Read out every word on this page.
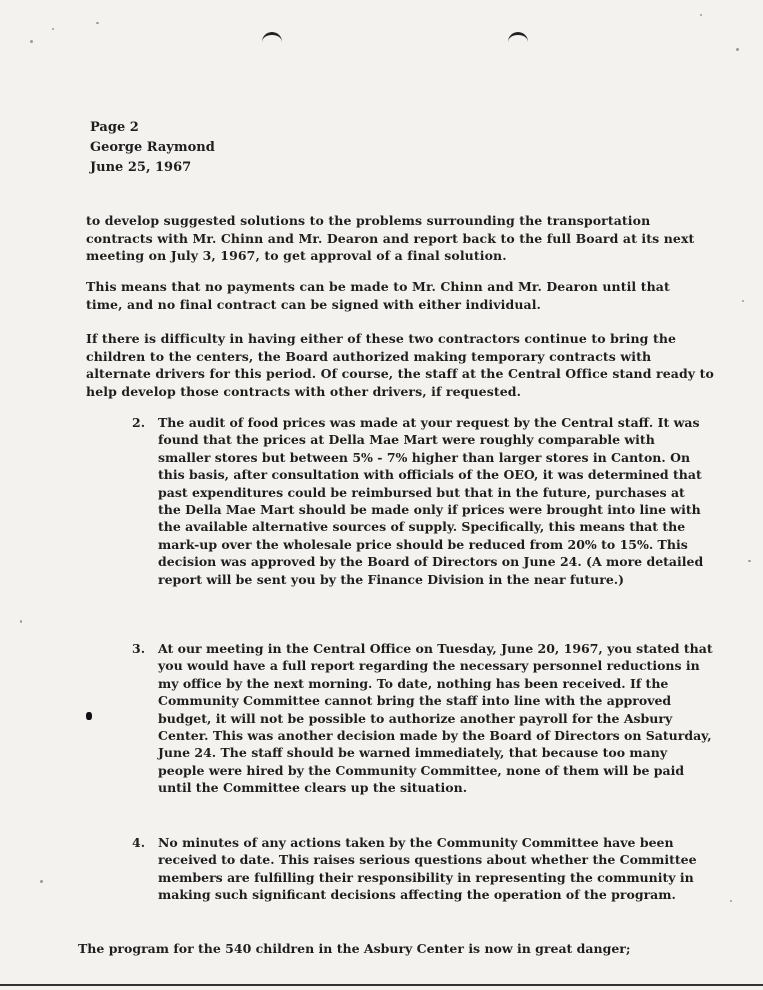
Page 2
George Raymond
June 25, 1967

to develop suggested solutions to the problems surrounding the transportation contracts with Mr. Chinn and Mr. Dearon and report back to the full Board at its next meeting on July 3, 1967, to get approval of a final solution.

This means that no payments can be made to Mr. Chinn and Mr. Dearon until that time, and no final contract can be signed with either individual.

If there is difficulty in having either of these two contractors continue to bring the children to the centers, the Board authorized making temporary contracts with alternate drivers for this period. Of course, the staff at the Central Office stand ready to help develop those contracts with other drivers, if requested.

2. The audit of food prices was made at your request by the Central staff. It was found that the prices at Della Mae Mart were roughly comparable with smaller stores but between 5% - 7% higher than larger stores in Canton. On this basis, after consultation with officials of the OEO, it was determined that past expenditures could be reimbursed but that in the future, purchases at the Della Mae Mart should be made only if prices were brought into line with the available alternative sources of supply. Specifically, this means that the mark-up over the wholesale price should be reduced from 20% to 15%. This decision was approved by the Board of Directors on June 24. (A more detailed report will be sent you by the Finance Division in the near future.)

3. At our meeting in the Central Office on Tuesday, June 20, 1967, you stated that you would have a full report regarding the necessary personnel reductions in my office by the next morning. To date, nothing has been received. If the Community Committee cannot bring the staff into line with the approved budget, it will not be possible to authorize another payroll for the Asbury Center. This was another decision made by the Board of Directors on Saturday, June 24. The staff should be warned immediately, that because too many people were hired by the Community Committee, none of them will be paid until the Committee clears up the situation.

4. No minutes of any actions taken by the Community Committee have been received to date. This raises serious questions about whether the Committee members are fulfilling their responsibility in representing the community in making such significant decisions affecting the operation of the program.

The program for the 540 children in the Asbury Center is now in great danger;
